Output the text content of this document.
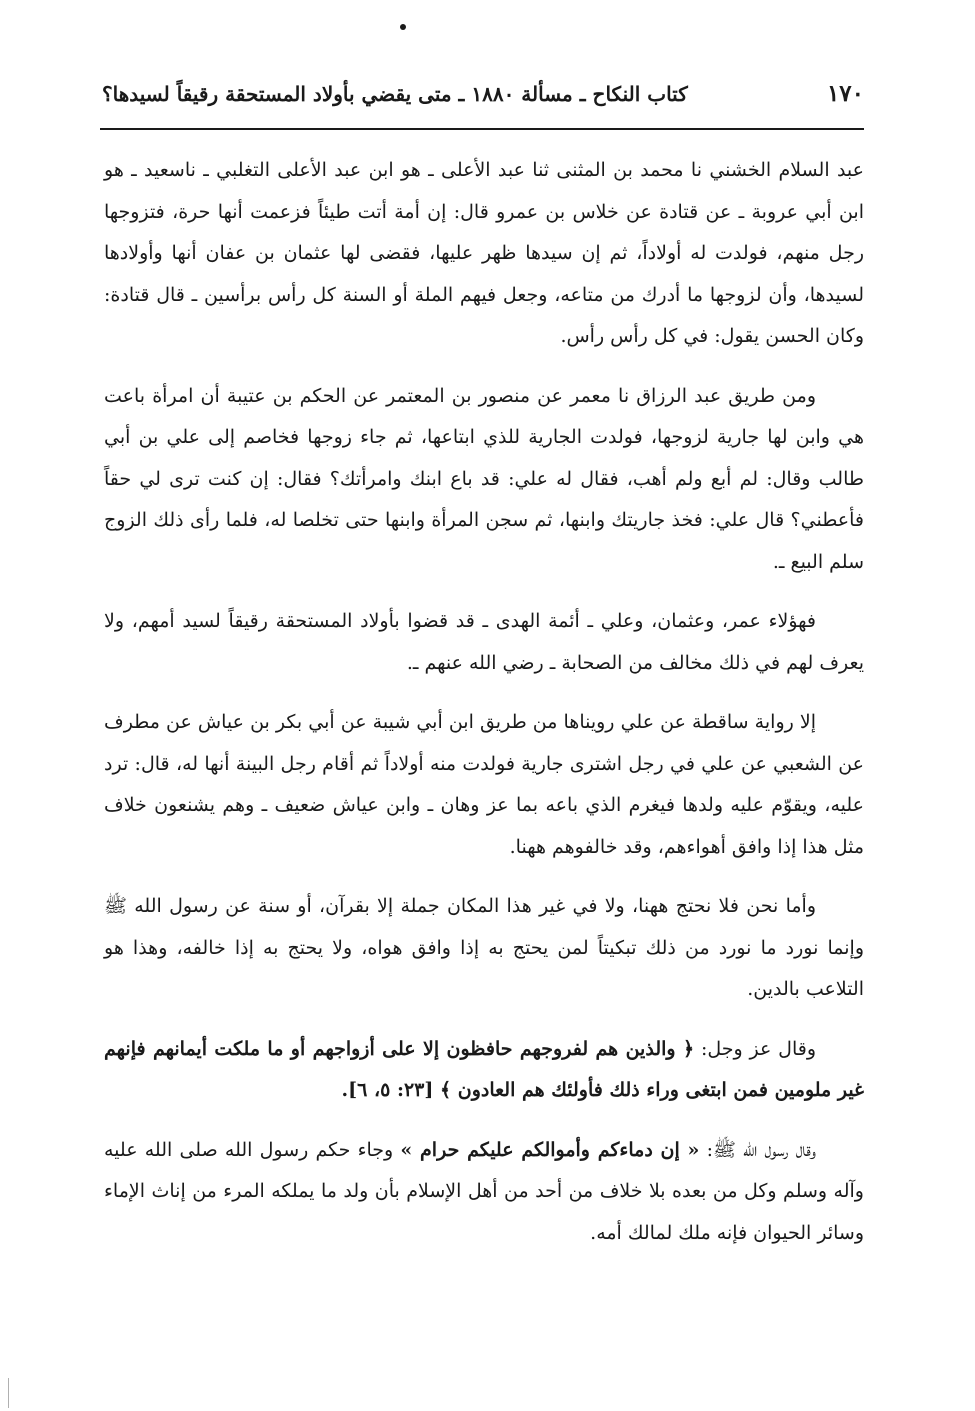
١٧٠
كتاب النكاح ـ مسألة ١٨٨٠ ـ متى يقضي بأولاد المستحقة رقيقاً لسيدها؟

عبد السلام الخشني نا محمد بن المثنى ثنا عبد الأعلى ـ هو ابن عبد الأعلى التغلبي ـ ناسعيد ـ هو ابن أبي عروبة ـ عن قتادة عن خلاس بن عمرو قال: إن أمة أتت طيئاً فزعمت أنها حرة، فتزوجها رجل منهم، فولدت له أولاداً، ثم إن سيدها ظهر عليها، فقضى لها عثمان بن عفان أنها وأولادها لسيدها، وأن لزوجها ما أدرك من متاعه، وجعل فيهم الملة أو السنة كل رأس برأسين ـ قال قتادة: وكان الحسن يقول: في كل رأس رأس.

ومن طريق عبد الرزاق نا معمر عن منصور بن المعتمر عن الحكم بن عتيبة أن امرأة باعت هي وابن لها جارية لزوجها، فولدت الجارية للذي ابتاعها، ثم جاء زوجها فخاصم إلى علي بن أبي طالب وقال: لم أبع ولم أهب، فقال له علي: قد باع ابنك وامرأتك؟ فقال: إن كنت ترى لي حقاً فأعطني؟ قال علي: فخذ جاريتك وابنها، ثم سجن المرأة وابنها حتى تخلصا له، فلما رأى ذلك الزوج سلم البيع ـ.

فهؤلاء عمر، وعثمان، وعلي ـ أئمة الهدى ـ قد قضوا بأولاد المستحقة رقيقاً لسيد أمهم، ولا يعرف لهم في ذلك مخالف من الصحابة ـ رضي الله عنهم ـ.

إلا رواية ساقطة عن علي رويناها من طريق ابن أبي شيبة عن أبي بكر بن عياش عن مطرف عن الشعبي عن علي في رجل اشترى جارية فولدت منه أولاداً ثم أقام رجل البينة أنها له، قال: ترد عليه، ويقوّم عليه ولدها فيغرم الذي باعه بما عز وهان ـ وابن عياش ضعيف ـ وهم يشنعون خلاف مثل هذا إذا وافق أهواءهم، وقد خالفوهم ههنا.

وأما نحن فلا نحتج ههنا، ولا في غير هذا المكان جملة إلا بقرآن، أو سنة عن رسول الله ﷺ وإنما نورد ما نورد من ذلك تبكيتاً لمن يحتج به إذا وافق هواه، ولا يحتج به إذا خالفه، وهذا هو التلاعب بالدين.

وقال عز وجل: ﴿ والذين هم لفروجهم حافظون إلا على أزواجهم أو ما ملكت أيمانهم فإنهم غير ملومين فمن ابتغى وراء ذلك فأولئك هم العادون ﴾ [٢٣: ٥، ٦].

وقال رسول الله ﷺ: « إن دماءكم وأموالكم عليكم حرام » وجاء حكم رسول الله صلى الله عليه وآله وسلم وكل من بعده بلا خلاف من أحد من أهل الإسلام بأن ولد ما يملكه المرء من إناث الإماء وسائر الحيوان فإنه ملك لمالك أمه.
